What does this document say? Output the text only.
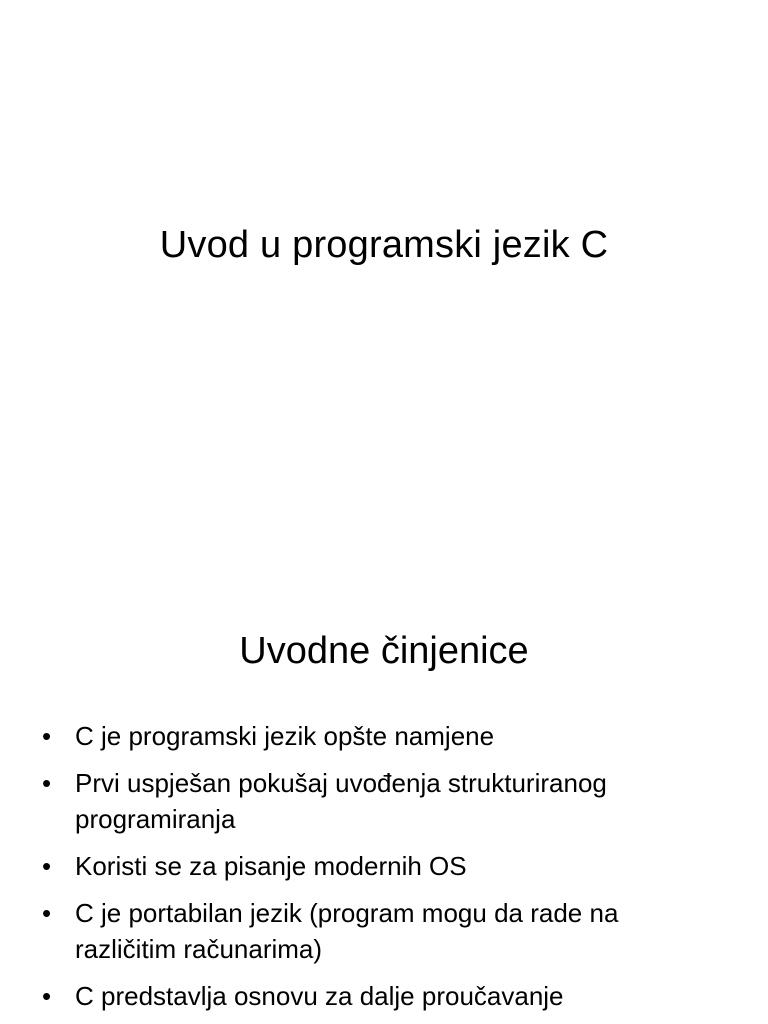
Uvod u programski jezik C
Uvodne činjenice
• C je programski jezik opšte namjene
• Prvi uspješan pokušaj uvođenja strukturiranog programiranja
• Koristi se za pisanje modernih OS
• C je portabilan jezik (program mogu da rade na različitim računarima)
• C predstavlja osnovu za dalje proučavanje
